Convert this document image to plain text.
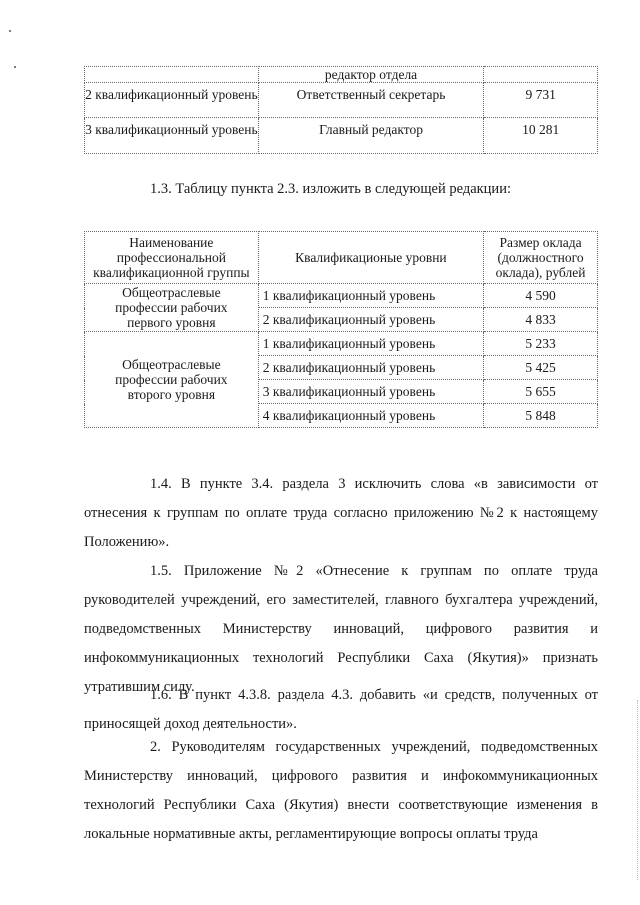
	редактор отдела	
2 квалификационный уровень	Ответственный секретарь	9 731
3 квалификационный уровень	Главный редактор	10 281
1.3. Таблицу пункта 2.3. изложить в следующей редакции:
Наименование профессиональной квалификационной группы	Квалификационые уровни	Размер оклада (должностного оклада), рублей
Общеотраслевые профессии рабочих первого уровня	1 квалификационный уровень	4 590
	2 квалификационный уровень	4 833
Общеотраслевые профессии рабочих второго уровня	1 квалификационный уровень	5 233
	2 квалификационный уровень	5 425
	3 квалификационный уровень	5 655
	4 квалификационный уровень	5 848
1.4. В пункте 3.4. раздела 3 исключить слова «в зависимости от отнесения к группам по оплате труда согласно приложению №2 к настоящему Положению».
1.5. Приложение №2 «Отнесение к группам по оплате труда руководителей учреждений, его заместителей, главного бухгалтера учреждений, подведомственных Министерству инноваций, цифрового развития и инфокоммуникационных технологий Республики Саха (Якутия)» признать утратившим силу.
1.6. В пункт 4.3.8. раздела 4.3. добавить «и средств, полученных от приносящей доход деятельности».
2. Руководителям государственных учреждений, подведомственных Министерству инноваций, цифрового развития и инфокоммуникационных технологий Республики Саха (Якутия) внести соответствующие изменения в локальные нормативные акты, регламентирующие вопросы оплаты труда
